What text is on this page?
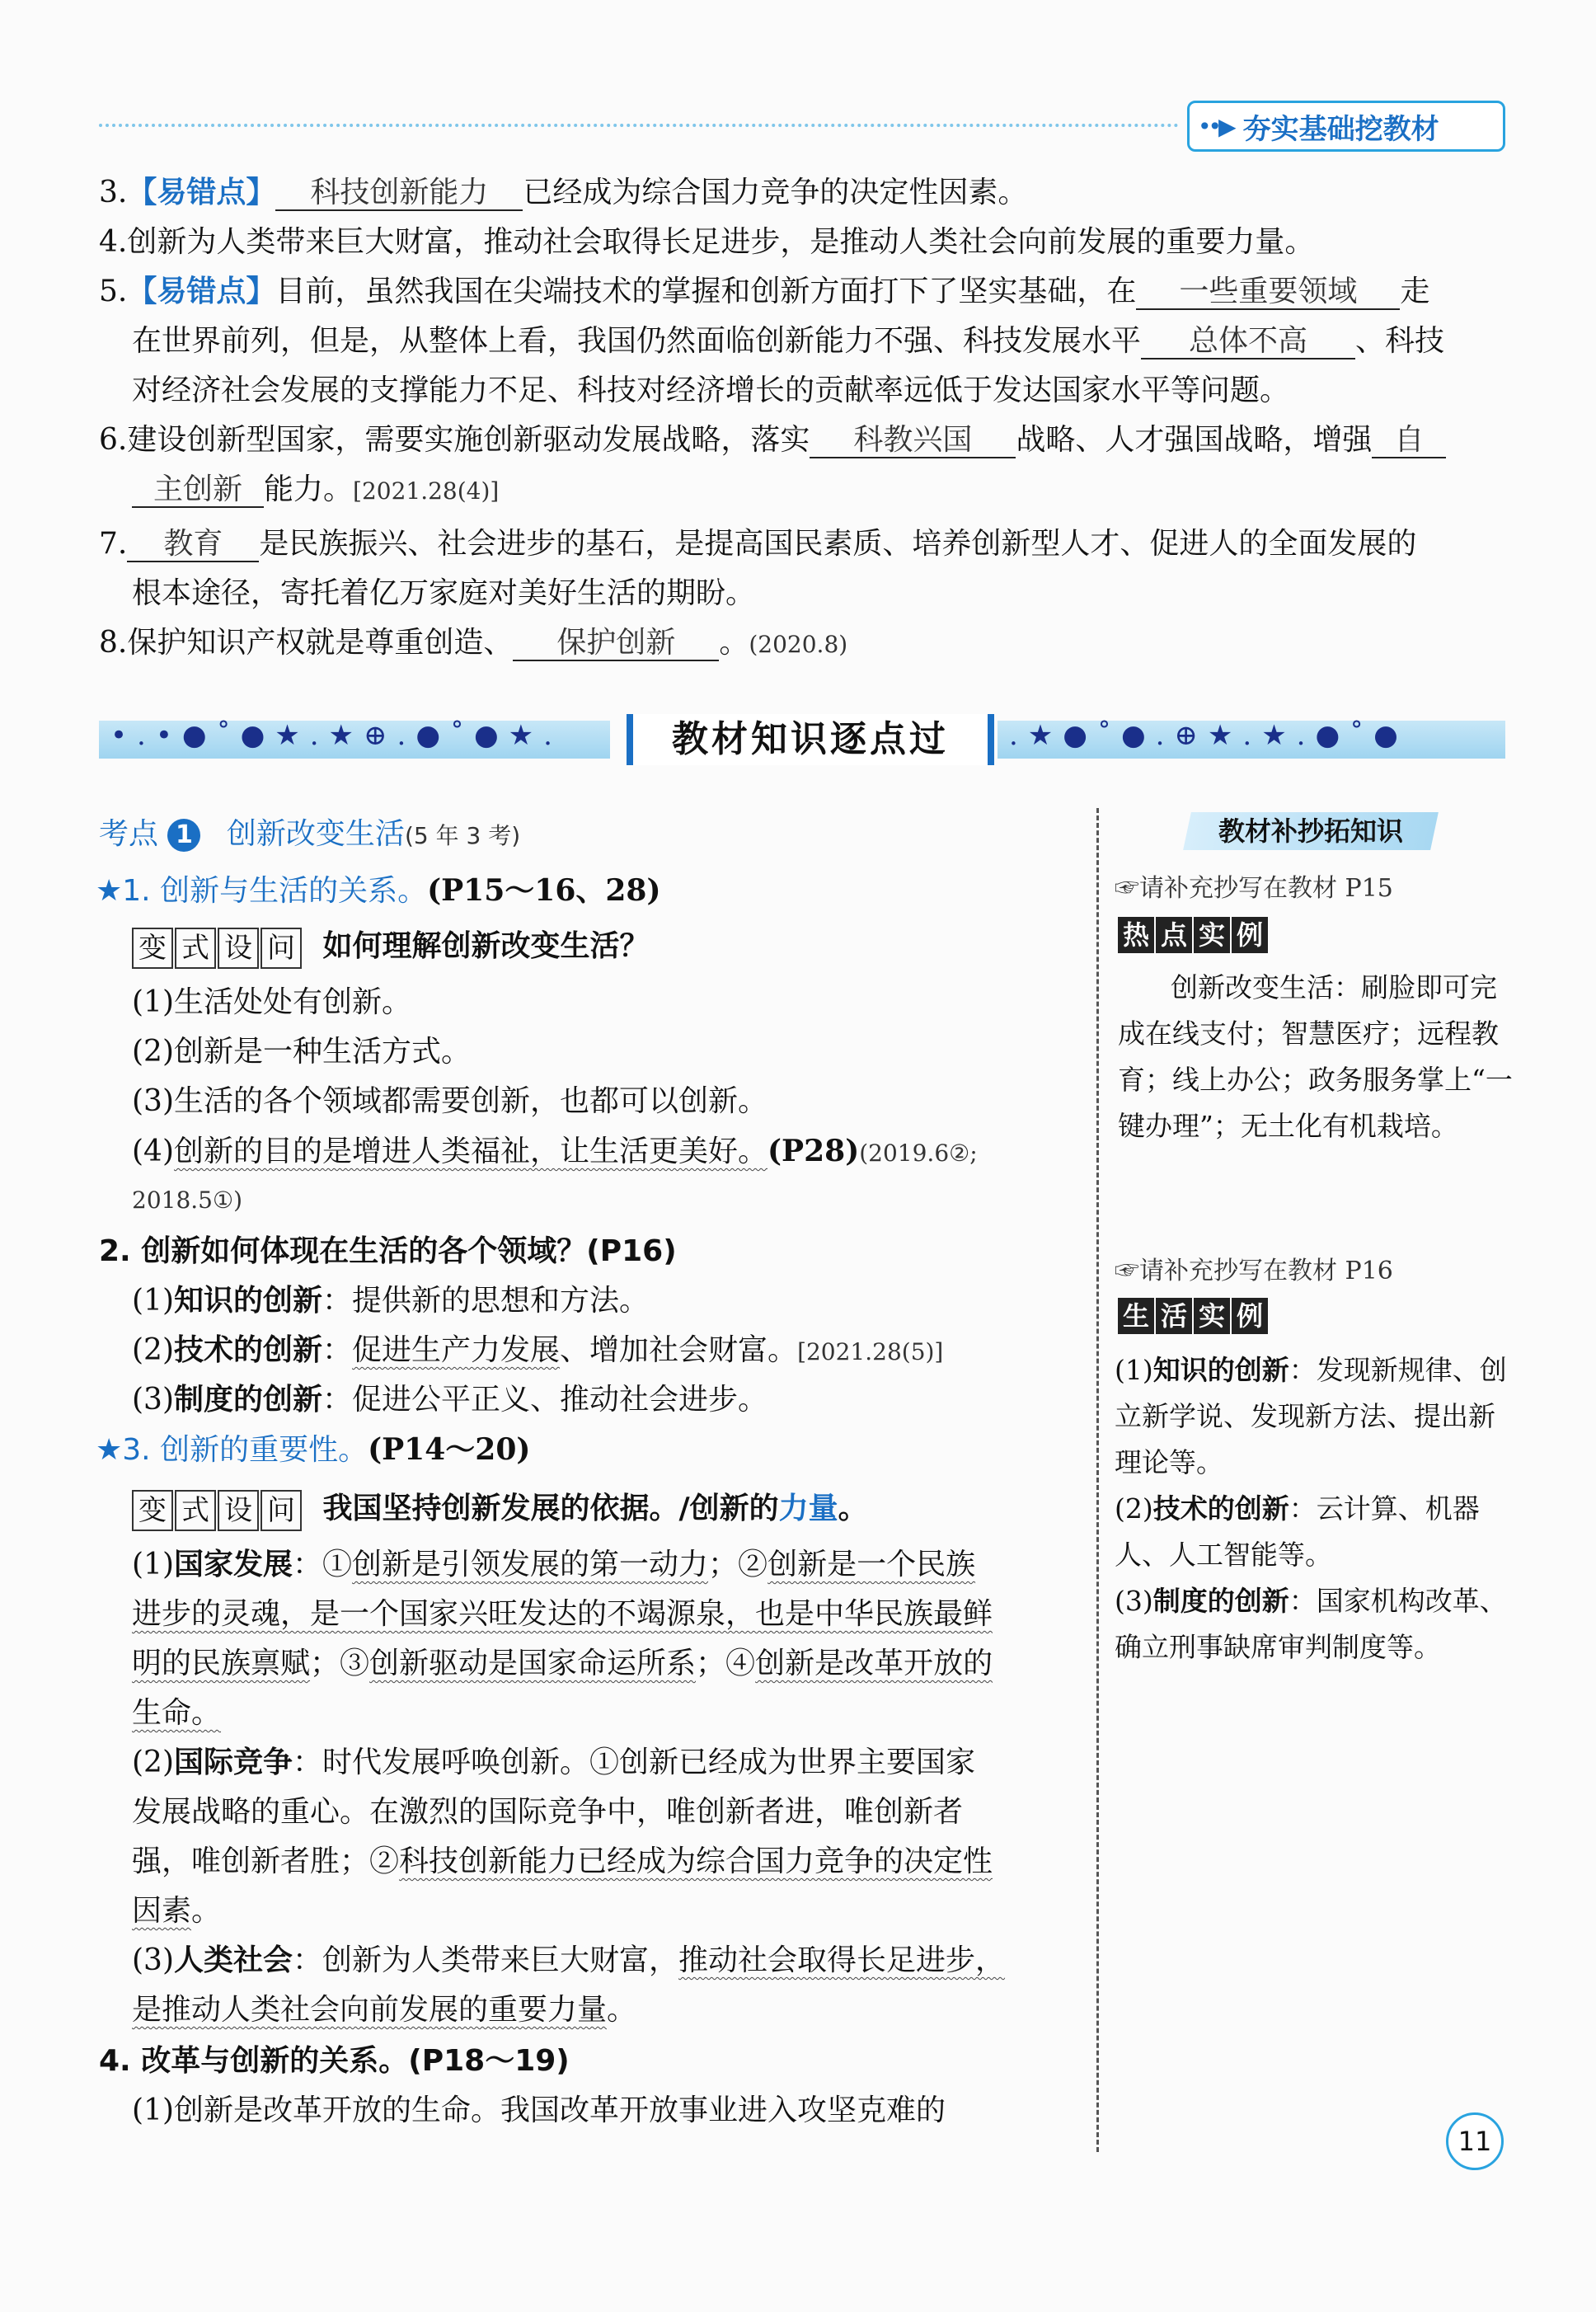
••▶ 夯实基础挖教材
3.【易错点】 科技创新能力 已经成为综合国力竞争的决定性因素。
4.创新为人类带来巨大财富，推动社会取得长足进步，是推动人类社会向前发展的重要力量。
5.【易错点】目前，虽然我国在尖端技术的掌握和创新方面打下了坚实基础，在 一些重要领域 走
在世界前列，但是，从整体上看，我国仍然面临创新能力不强、科技发展水平 总体不高 、科技
对经济社会发展的支撑能力不足、科技对经济增长的贡献率远低于发达国家水平等问题。
6.建设创新型国家，需要实施创新驱动发展战略，落实 科教兴国 战略、人才强国战略，增强 自
主创新 能力。[2021.28(4)]
7. 教育 是民族振兴、社会进步的基石，是提高国民素质、培养创新型人才、促进人的全面发展的
根本途径，寄托着亿万家庭对美好生活的期盼。
8.保护知识产权就是尊重创造、 保护创新 。(2020.8)
•.•●˚●★.★⊕.●˚●★.	教材知识逐点过	.★●˚●.⊕★.★.●˚●
考点 1 创新改变生活(5 年 3 考)
★1. 创新与生活的关系。(P15～16、28)
变 式 设 问 如何理解创新改变生活？
(1)生活处处有创新。
(2)创新是一种生活方式。
(3)生活的各个领域都需要创新，也都可以创新。
(4)创新的目的是增进人类福祉，让生活更美好。(P28)(2019.6②;
2018.5①)
2. 创新如何体现在生活的各个领域？(P16)
(1)知识的创新：提供新的思想和方法。
(2)技术的创新：促进生产力发展、增加社会财富。[2021.28(5)]
(3)制度的创新：促进公平正义、推动社会进步。
★3. 创新的重要性。(P14～20)
变 式 设 问 我国坚持创新发展的依据。/创新的力量。
(1)国家发展：①创新是引领发展的第一动力；②创新是一个民族
进步的灵魂，是一个国家兴旺发达的不竭源泉，也是中华民族最鲜
明的民族禀赋；③创新驱动是国家命运所系；④创新是改革开放的
生命。
(2)国际竞争：时代发展呼唤创新。①创新已经成为世界主要国家
发展战略的重心。在激烈的国际竞争中，唯创新者进，唯创新者
强，唯创新者胜；②科技创新能力已经成为综合国力竞争的决定性
因素。
(3)人类社会：创新为人类带来巨大财富，推动社会取得长足进步，
是推动人类社会向前发展的重要力量。
4. 改革与创新的关系。(P18～19)
(1)创新是改革开放的生命。我国改革开放事业进入攻坚克难的
教材补抄拓知识
☞请补充抄写在教材 P15
热 点 实 例
创新改变生活：刷脸即可完
成在线支付；智慧医疗；远程教
育；线上办公；政务服务掌上“一
键办理”；无土化有机栽培。
☞请补充抄写在教材 P16
生 活 实 例
(1)知识的创新：发现新规律、创
立新学说、发现新方法、提出新
理论等。
(2)技术的创新：云计算、机器
人、人工智能等。
(3)制度的创新：国家机构改革、
确立刑事缺席审判制度等。
11
